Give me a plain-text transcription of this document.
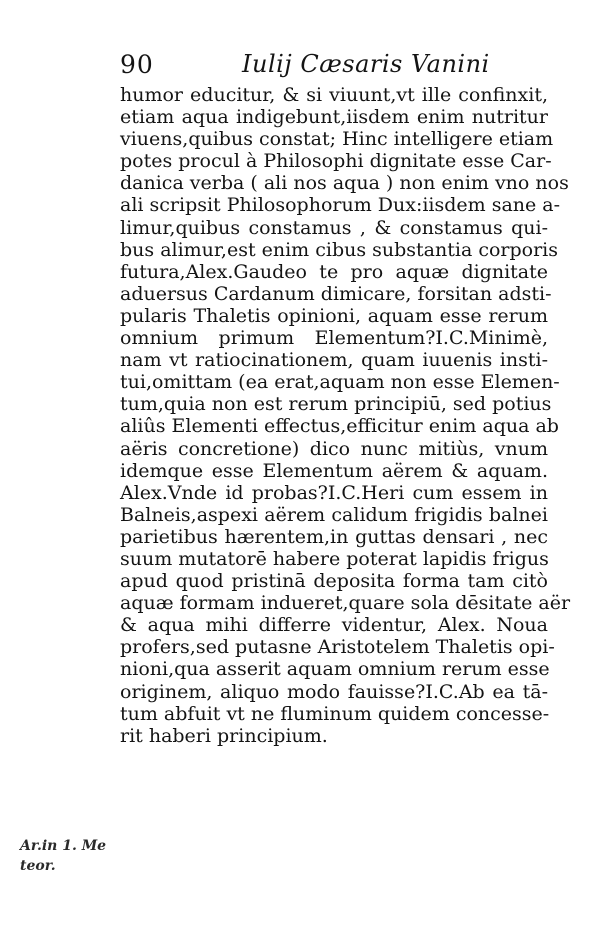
90	Iulij Cæsaris Vanini
humor educitur, & si viuunt,vt ille confinxit,
etiam aqua indigebunt,iisdem enim nutritur
viuens,quibus constat; Hinc intelligere etiam
potes procul à Philosophi dignitate esse Car-
danica verba ( ali nos aqua ) non enim vno nos
ali scripsit Philosophorum Dux:iisdem sane a-
limur,quibus constamus , & constamus qui-
bus alimur,est enim cibus substantia corporis
futura,Alex.Gaudeo te pro aquæ dignitate
aduersus Cardanum dimicare, forsitan adsti-
pularis Thaletis opinioni, aquam esse rerum
omnium primum Elementum?I.C.Minimè,
nam vt ratiocinationem, quam iuuenis insti-
tui,omittam (ea erat,aquam non esse Elemen-
tum,quia non est rerum principiū, sed potius
aliûs Elementi effectus,efficitur enim aqua ab
aëris concretione) dico nunc mitiùs, vnum
idemque esse Elementum aërem & aquam.
Alex.Vnde id probas?I.C.Heri cum essem in
Balneis,aspexi aërem calidum frigidis balnei
parietibus hærentem,in guttas densari , nec
suum mutatorē habere poterat lapidis frigus
apud quod pristinā deposita forma tam citò
aquæ formam indueret,quare sola dēsitate aër
& aqua mihi differre videntur, Alex. Noua
profers,sed putasne Aristotelem Thaletis opi-
nioni,qua asserit aquam omnium rerum esse
originem, aliquo modo fauisse?I.C.Ab ea tā-
tum abfuit vt ne fluminum quidem concesse-
rit haberi principium.
Ar.in 1. Me
teor.
